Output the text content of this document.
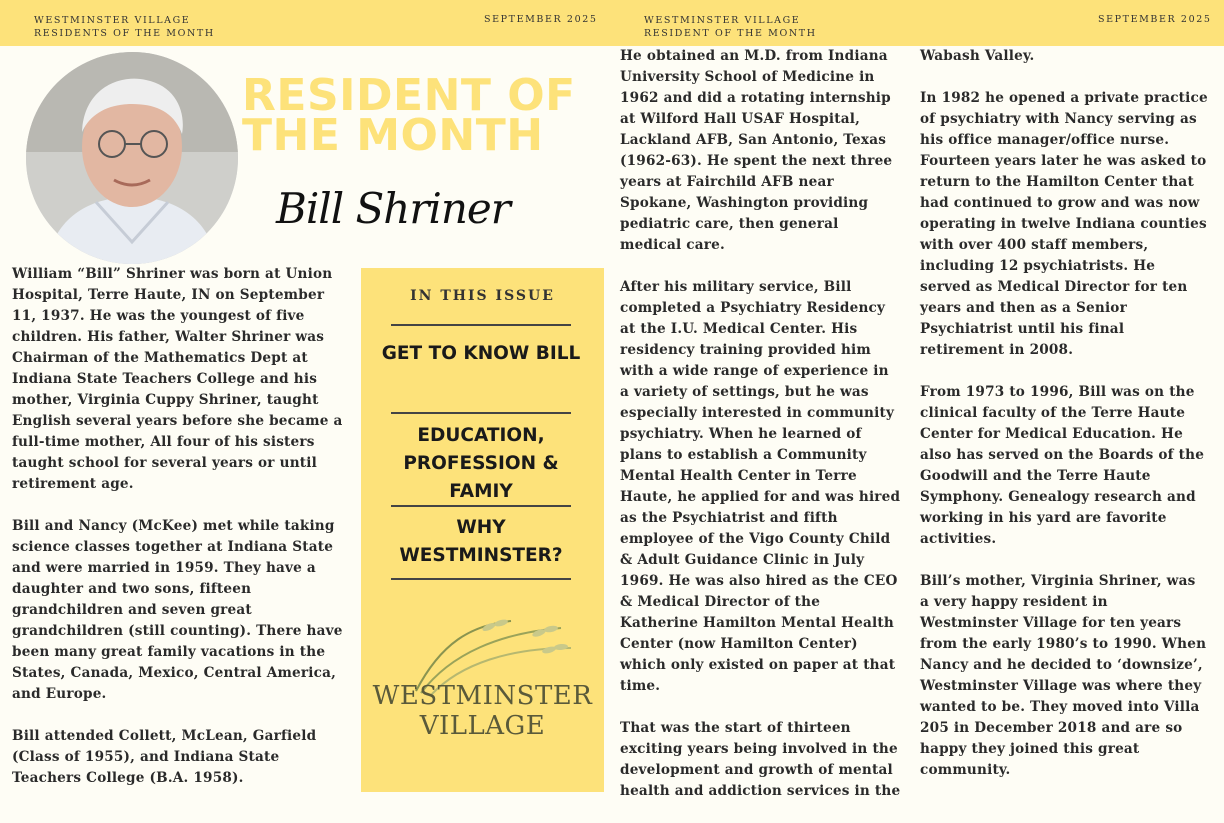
WESTMINSTER VILLAGE
RESIDENTS OF THE MONTH
SEPTEMBER 2025	WESTMINSTER VILLAGE
RESIDENT OF THE MONTH
SEPTEMBER 2025
RESIDENT OF
THE MONTH
Bill Shriner

William “Bill” Shriner was born at Union Hospital, Terre Haute, IN on September 11, 1937. He was the youngest of five children. His father, Walter Shriner was Chairman of the Mathematics Dept at Indiana State Teachers College and his mother, Virginia Cuppy Shriner, taught English several years before she became a full-time mother, All four of his sisters taught school for several years or until retirement age.

Bill and Nancy (McKee) met while taking science classes together at Indiana State and were married in 1959. They have a daughter and two sons, fifteen grandchildren and seven great grandchildren (still counting). There have been many great family vacations in the States, Canada, Mexico, Central America, and Europe.

Bill attended Collett, McLean, Garfield (Class of 1955), and Indiana State Teachers College (B.A. 1958).

IN THIS ISSUE
GET TO KNOW BILL
EDUCATION, PROFESSION & FAMIY
WHY WESTMINSTER?
WESTMINSTER
VILLAGE

He obtained an M.D. from Indiana University School of Medicine in 1962 and did a rotating internship at Wilford Hall USAF Hospital, Lackland AFB, San Antonio, Texas (1962-63). He spent the next three years at Fairchild AFB near Spokane, Washington providing pediatric care, then general medical care.

After his military service, Bill completed a Psychiatry Residency at the I.U. Medical Center. His residency training provided him with a wide range of experience in a variety of settings, but he was especially interested in community psychiatry. When he learned of plans to establish a Community Mental Health Center in Terre Haute, he applied for and was hired as the Psychiatrist and fifth employee of the Vigo County Child & Adult Guidance Clinic in July 1969. He was also hired as the CEO & Medical Director of the Katherine Hamilton Mental Health Center (now Hamilton Center) which only existed on paper at that time.

That was the start of thirteen exciting years being involved in the development and growth of mental health and addiction services in the

Wabash Valley.

In 1982 he opened a private practice of psychiatry with Nancy serving as his office manager/office nurse. Fourteen years later he was asked to return to the Hamilton Center that had continued to grow and was now operating in twelve Indiana counties with over 400 staff members, including 12 psychiatrists. He served as Medical Director for ten years and then as a Senior Psychiatrist until his final retirement in 2008.

From 1973 to 1996, Bill was on the clinical faculty of the Terre Haute Center for Medical Education. He also has served on the Boards of the Goodwill and the Terre Haute Symphony. Genealogy research and working in his yard are favorite activities.

Bill’s mother, Virginia Shriner, was a very happy resident in Westminster Village for ten years from the early 1980’s to 1990. When Nancy and he decided to ‘downsize’, Westminster Village was where they wanted to be. They moved into Villa 205 in December 2018 and are so happy they joined this great community.
